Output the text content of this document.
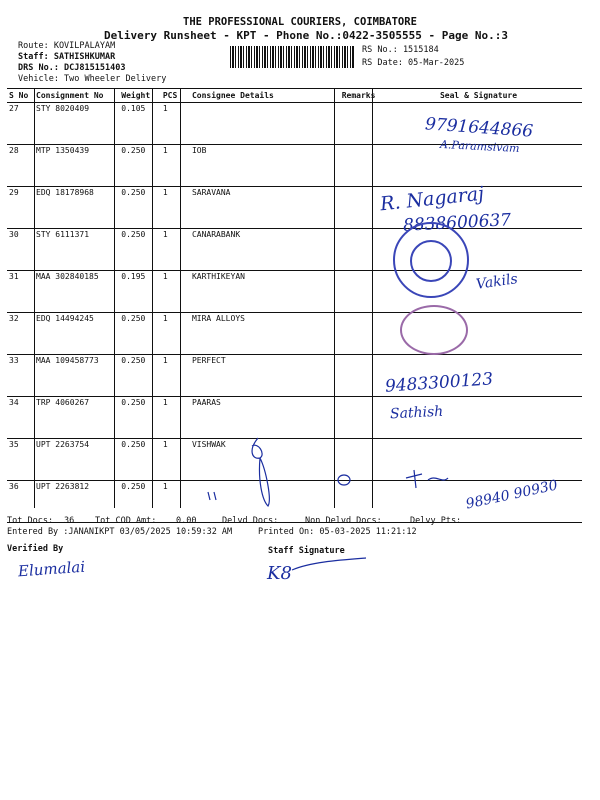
THE PROFESSIONAL COURIERS, COIMBATORE
Delivery Runsheet - KPT - Phone No.:0422-3505555 - Page No.:3
Route: KOVILPALAYAM
Staff: SATHISHKUMAR
DRS No.: DCJ815151403
Vehicle: Two Wheeler Delivery
RS No.: 1515184
RS Date: 05-Mar-2025
S No	Consignment No	Weight	PCS	Consignee Details	Remarks	Seal & Signature
27	STY 8020409	0.105	1			
28	MTP 1350439	0.250	1	IOB		
29	EDQ 18178968	0.250	1	SARAVANA		
30	STY 6111371	0.250	1	CANARABANK		
31	MAA 302840185	0.195	1	KARTHIKEYAN		
32	EDQ 14494245	0.250	1	MIRA ALLOYS		
33	MAA 109458773	0.250	1	PERFECT		
34	TRP 4060267	0.250	1	PAARAS		
35	UPT 2263754	0.250	1	VISHWAK		
36	UPT 2263812	0.250	1			
9791644866
A.Paramsivam
R. Nagaraj
8838600637
Vakils
9483300123
Sathish
98940 90930
Tot Docs: 36 Tot COD Amt: 0.00	Delvd Docs:	Non Delvd Docs:	Delvy Pts:
Entered By :JANANIKPT 03/05/2025 10:59:32 AM	Printed On: 05-03-2025 11:21:12
Verified By	Staff Signature
Elumalai	K8
